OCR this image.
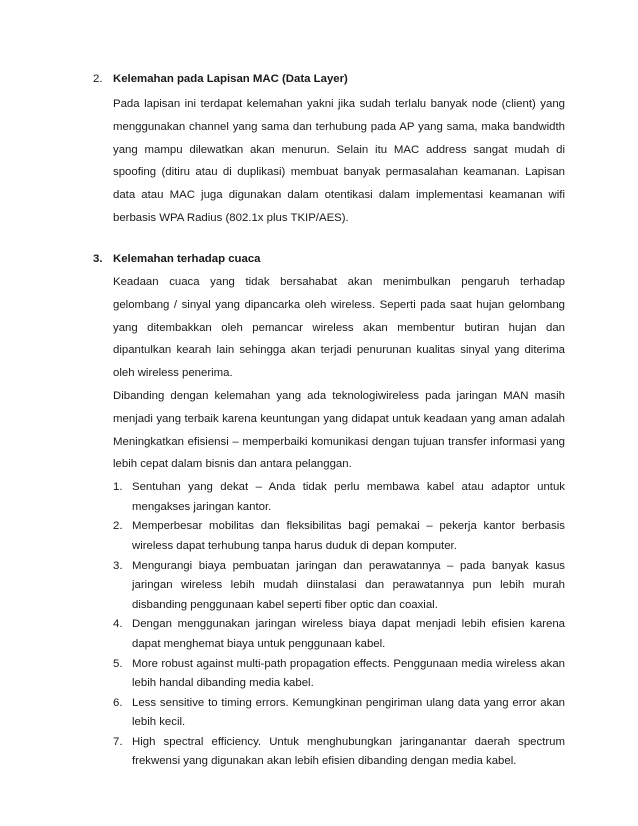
2. Kelemahan pada Lapisan MAC (Data Layer)

Pada lapisan ini terdapat kelemahan yakni jika sudah terlalu banyak node (client) yang menggunakan channel yang sama dan terhubung pada AP yang sama, maka bandwidth yang mampu dilewatkan akan menurun. Selain itu MAC address sangat mudah di spoofing (ditiru atau di duplikasi) membuat banyak permasalahan keamanan. Lapisan data atau MAC juga digunakan dalam otentikasi dalam implementasi keamanan wifi berbasis WPA Radius (802.1x plus TKIP/AES).

3. Kelemahan terhadap cuaca

Keadaan cuaca yang tidak bersahabat akan menimbulkan pengaruh terhadap gelombang / sinyal yang dipancarka oleh wireless. Seperti pada saat hujan gelombang yang ditembakkan oleh pemancar wireless akan membentur butiran hujan dan dipantulkan kearah lain sehingga akan terjadi penurunan kualitas sinyal yang diterima oleh wireless penerima.

Dibanding dengan kelemahan yang ada teknologiwireless pada jaringan MAN masih menjadi yang terbaik karena keuntungan yang didapat untuk keadaan yang aman adalah Meningkatkan efisiensi – memperbaiki komunikasi dengan tujuan transfer informasi yang lebih cepat dalam bisnis dan antara pelanggan.

1. Sentuhan yang dekat – Anda tidak perlu membawa kabel atau adaptor untuk mengakses jaringan kantor.
2. Memperbesar mobilitas dan fleksibilitas bagi pemakai – pekerja kantor berbasis wireless dapat terhubung tanpa harus duduk di depan komputer.
3. Mengurangi biaya pembuatan jaringan dan perawatannya – pada banyak kasus jaringan wireless lebih mudah diinstalasi dan perawatannya pun lebih murah disbanding penggunaan kabel seperti fiber optic dan coaxial.
4. Dengan menggunakan jaringan wireless biaya dapat menjadi lebih efisien karena dapat menghemat biaya untuk penggunaan kabel.
5. More robust against multi-path propagation effects. Penggunaan media wireless akan lebih handal dibanding media kabel.
6. Less sensitive to timing errors. Kemungkinan pengiriman ulang data yang error akan lebih kecil.
7. High spectral efficiency. Untuk menghubungkan jaringanantar daerah spectrum frekwensi yang digunakan akan lebih efisien dibanding dengan media kabel.
